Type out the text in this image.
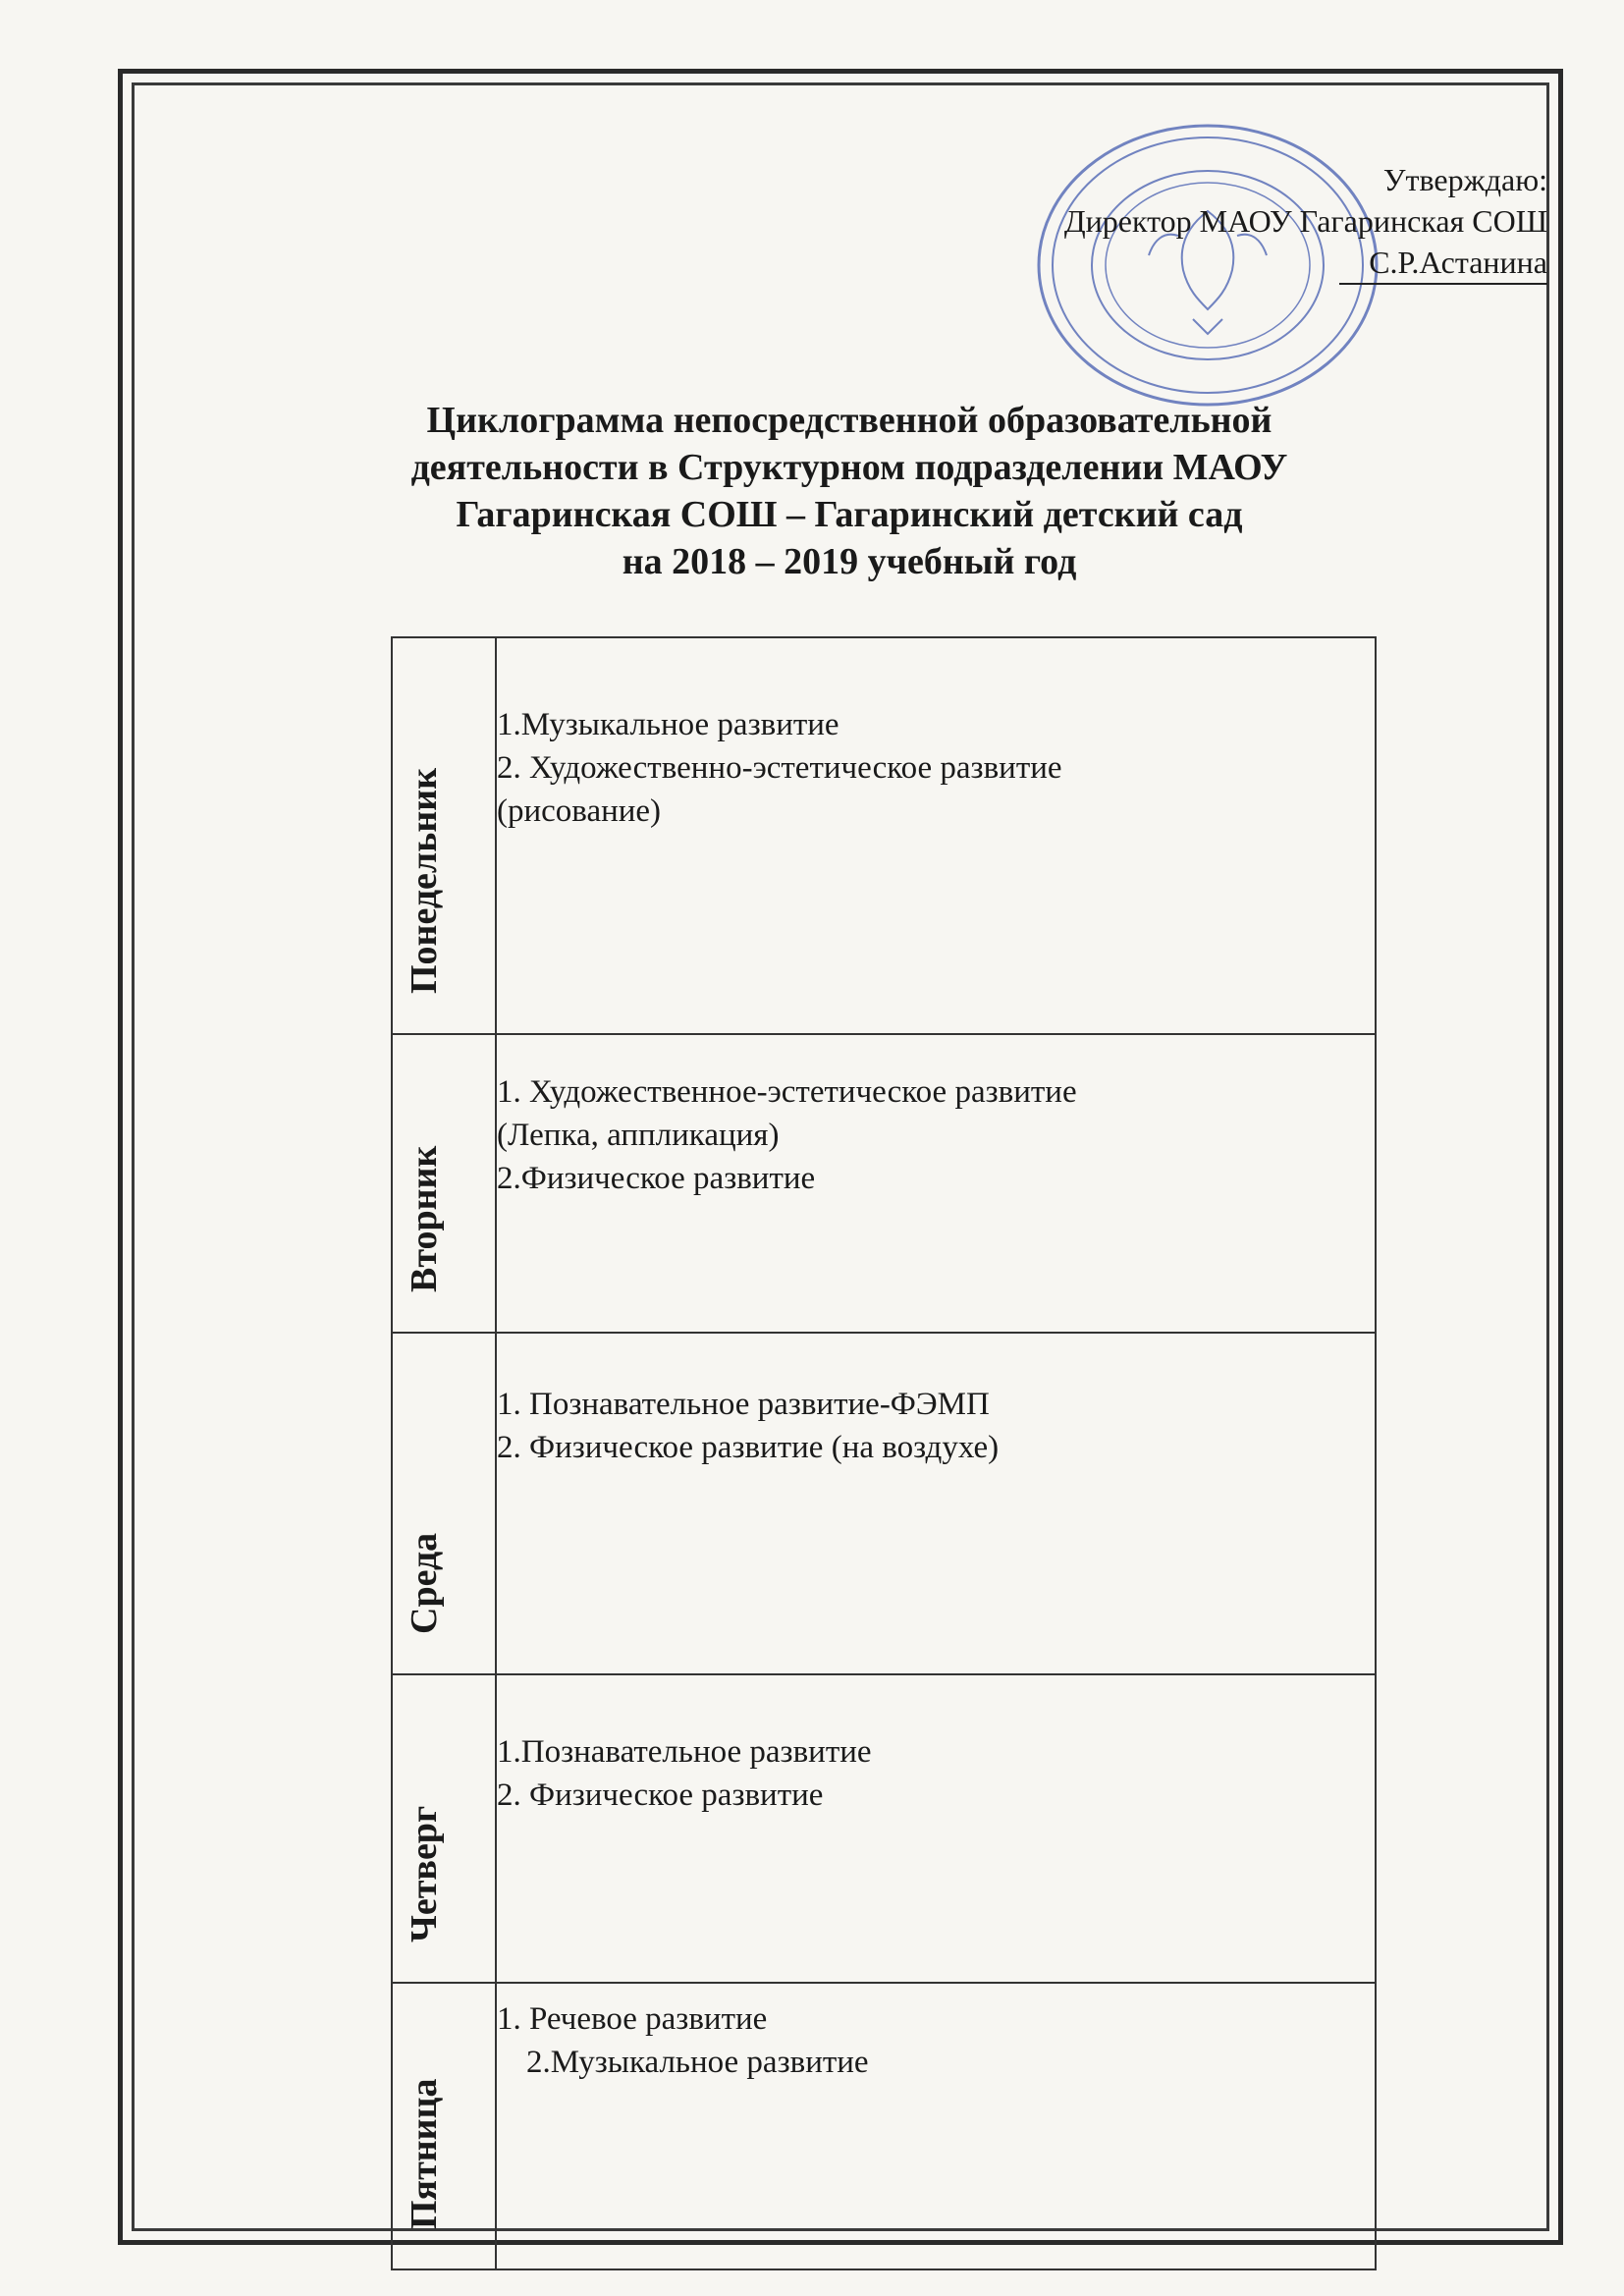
Утверждаю:
Директор МАОУ Гагаринская СОШ
С.Р.Астанина
Циклограмма непосредственной образовательной
деятельности в Структурном подразделении МАОУ
Гагаринская СОШ – Гагаринский детский сад
на 2018 – 2019 учебный год
Понедельник	1.Музыкальное развитие
2. Художественно-эстетическое развитие
(рисование)

Вторник	1. Художественное-эстетическое развитие
(Лепка, аппликация)
2.Физическое развитие

Среда	1. Познавательное развитие-ФЭМП
2. Физическое развитие (на воздухе)

Четверг	1.Познавательное развитие
2. Физическое развитие

Пятница	1. Речевое развитие
2.Музыкальное развитие
